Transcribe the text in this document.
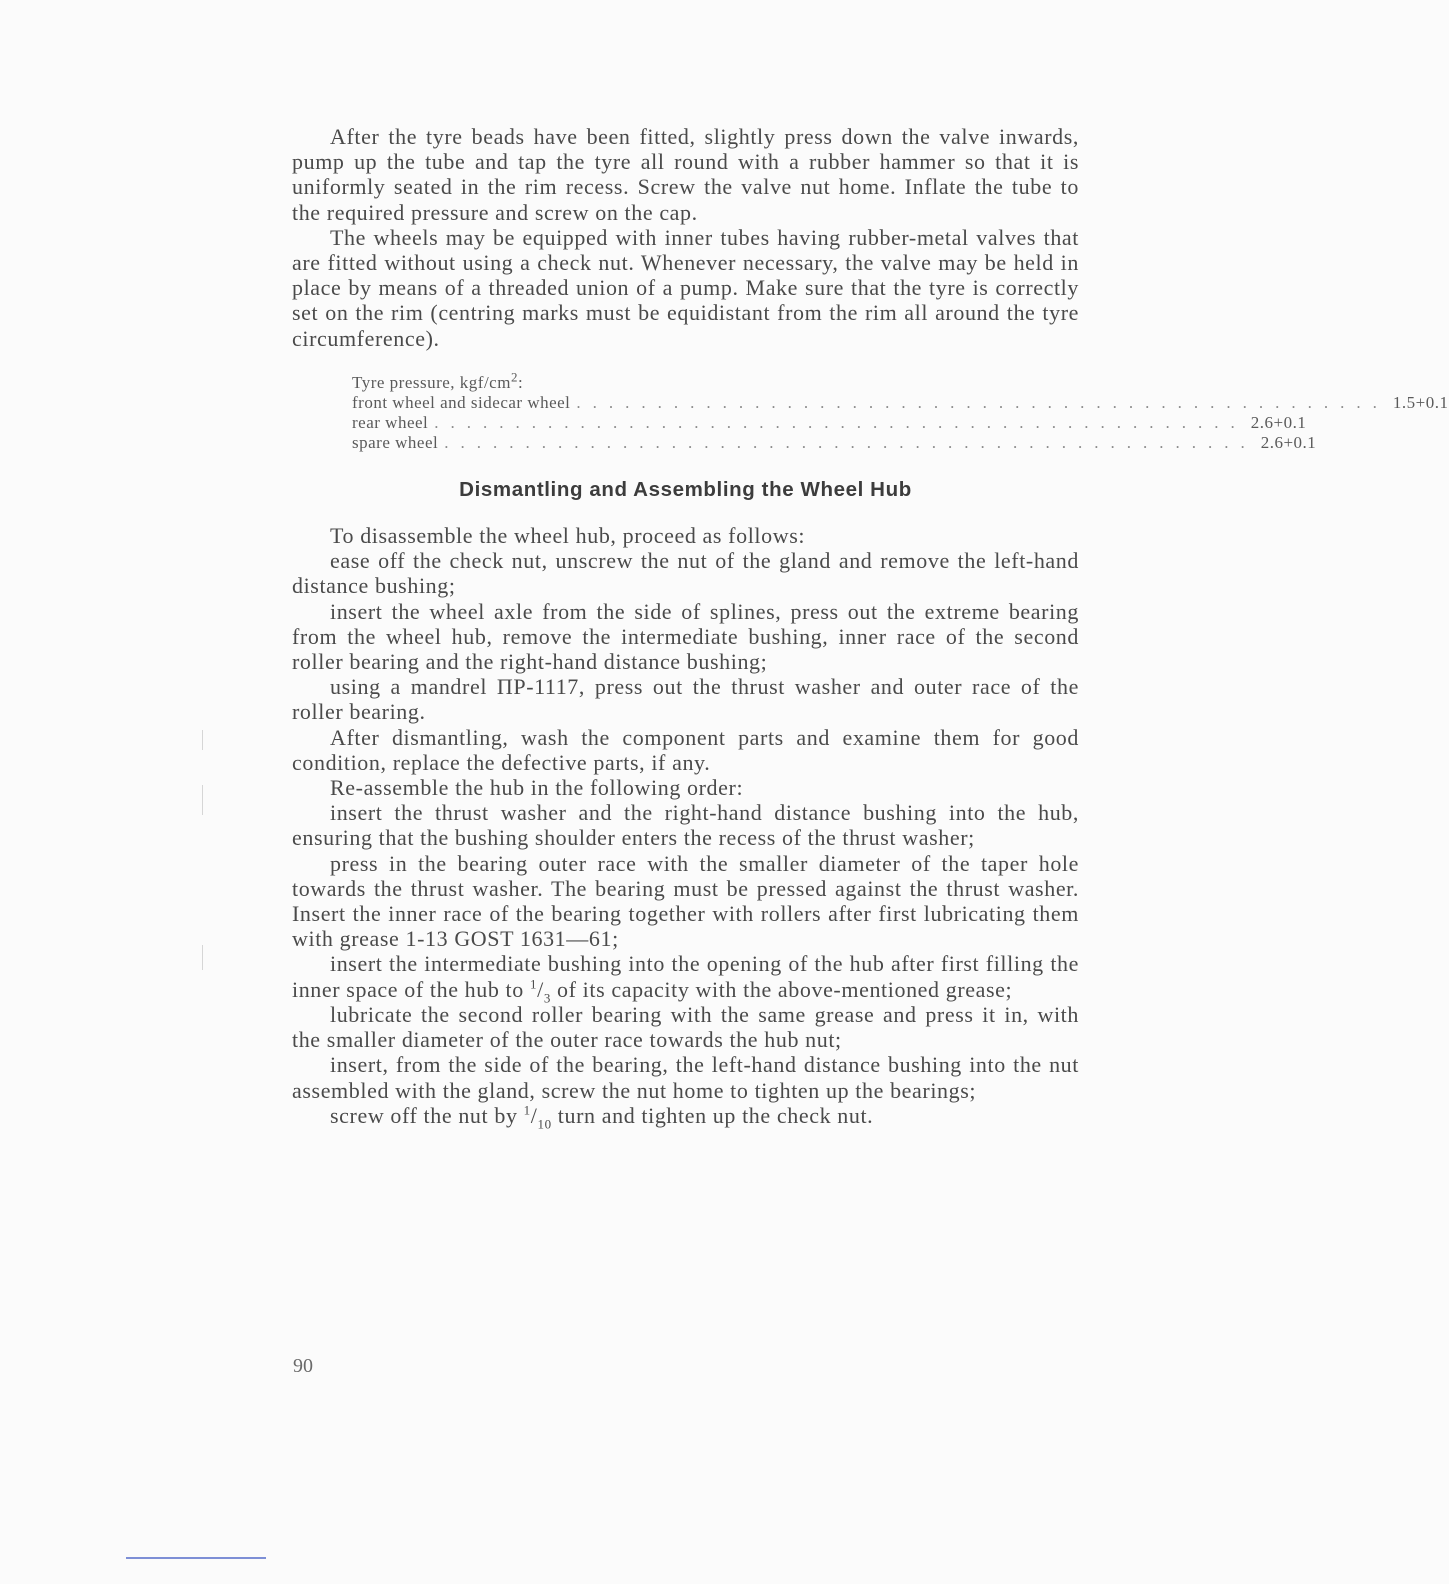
After the tyre beads have been fitted, slightly press down the valve inwards, pump up the tube and tap the tyre all round with a rubber hammer so that it is uniformly seated in the rim recess. Screw the valve nut home. Inflate the tube to the required pressure and screw on the cap.

The wheels may be equipped with inner tubes having rubber-metal valves that are fitted without using a check nut. Whenever necessary, the valve may be held in place by means of a threaded union of a pump. Make sure that the tyre is correctly set on the rim (centring marks must be equidistant from the rim all around the tyre circumference).

Tyre pressure, kgf/$cm^2$:

front wheel and sidecar wheel .................................................. 1.5+0.1
rear wheel .................................................. 2.6+0.1
spare wheel .................................................. 2.6+0.1
Dismantling and Assembling the Wheel Hub

To disassemble the wheel hub, proceed as follows:

ease off the check nut, unscrew the nut of the gland and remove the left-hand distance bushing;

insert the wheel axle from the side of splines, press out the extreme bearing from the wheel hub, remove the intermediate bushing, inner race of the second roller bearing and the right-hand distance bushing;

using a mandrel ПР-1117, press out the thrust washer and outer race of the roller bearing.

After dismantling, wash the component parts and examine them for good condition, replace the defective parts, if any.

Re-assemble the hub in the following order:

insert the thrust washer and the right-hand distance bushing into the hub, ensuring that the bushing shoulder enters the recess of the thrust washer;

press in the bearing outer race with the smaller diameter of the taper hole towards the thrust washer. The bearing must be pressed against the thrust washer. Insert the inner race of the bearing together with rollers after first lubricating them with grease 1-13 GOST 1631—61;

insert the intermediate bushing into the opening of the hub after first filling the inner space of the hub to $^1/_3$ of its capacity with the above-mentioned grease;

lubricate the second roller bearing with the same grease and press it in, with the smaller diameter of the outer race towards the hub nut;

insert, from the side of the bearing, the left-hand distance bushing into the nut assembled with the gland, screw the nut home to tighten up the bearings;

screw off the nut by $^1/_{10}$ turn and tighten up the check nut.

90
